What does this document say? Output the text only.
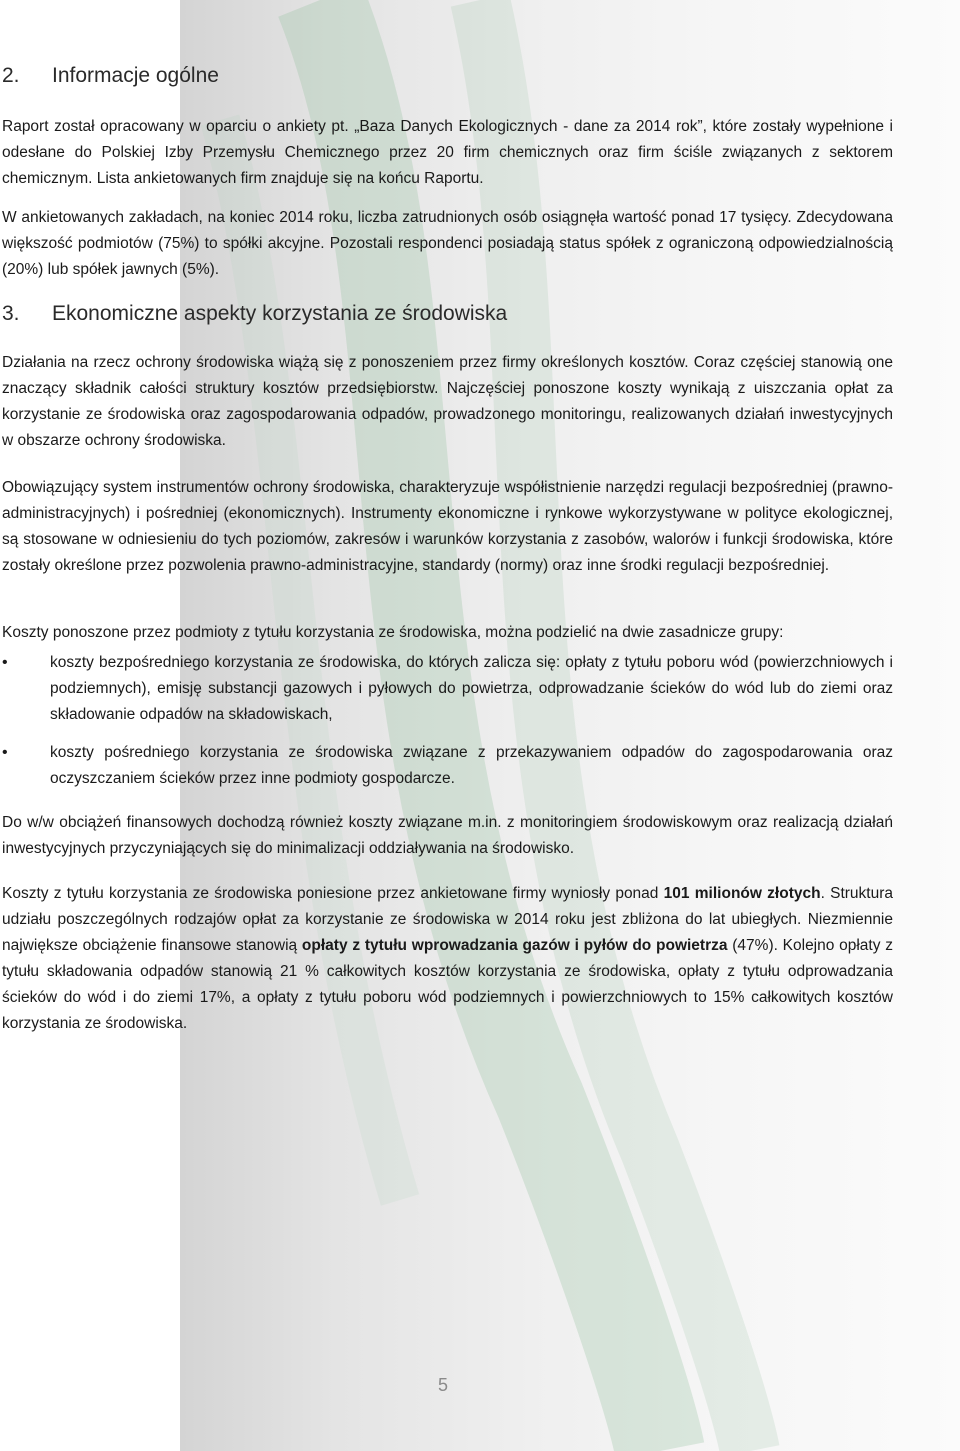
2. Informacje ogólne
Raport został opracowany w oparciu o ankiety pt. „Baza Danych Ekologicznych - dane za 2014 rok”, które zostały wypełnione i odesłane do Polskiej Izby Przemysłu Chemicznego przez 20 firm chemicznych oraz firm ściśle związanych z sektorem chemicznym. Lista ankietowanych firm znajduje się na końcu Raportu.
W ankietowanych zakładach, na koniec 2014 roku, liczba zatrudnionych osób osiągnęła wartość ponad 17 tysięcy. Zdecydowana większość podmiotów (75%) to spółki akcyjne. Pozostali respondenci posiadają status spółek z ograniczoną odpowiedzialnością (20%) lub spółek jawnych (5%).
3. Ekonomiczne aspekty korzystania ze środowiska
Działania na rzecz ochrony środowiska wiążą się z ponoszeniem przez firmy określonych kosztów. Coraz częściej stanowią one znaczący składnik całości struktury kosztów przedsiębiorstw. Najczęściej ponoszone koszty wynikają z uiszczania opłat za korzystanie ze środowiska oraz zagospodarowania odpadów, prowadzonego monitoringu, realizowanych działań inwestycyjnych w obszarze ochrony środowiska.
Obowiązujący system instrumentów ochrony środowiska, charakteryzuje współistnienie narzędzi regulacji bezpośredniej (prawno-administracyjnych) i pośredniej (ekonomicznych). Instrumenty ekonomiczne i rynkowe wykorzystywane w polityce ekologicznej, są stosowane w odniesieniu do tych poziomów, zakresów i warunków korzystania z zasobów, walorów i funkcji środowiska, które zostały określone przez pozwolenia prawno-administracyjne, standardy (normy) oraz inne środki regulacji bezpośredniej.
Koszty ponoszone przez podmioty z tytułu korzystania ze środowiska, można podzielić na dwie zasadnicze grupy:
•	koszty bezpośredniego korzystania ze środowiska, do których zalicza się: opłaty z tytułu poboru wód (powierzchniowych i podziemnych), emisję substancji gazowych i pyłowych do powietrza, odprowadzanie ścieków do wód lub do ziemi oraz składowanie odpadów na składowiskach,
•	koszty pośredniego korzystania ze środowiska związane z przekazywaniem odpadów do zagospodarowania oraz oczyszczaniem ścieków przez inne podmioty gospodarcze.
Do w/w obciążeń finansowych dochodzą również koszty związane m.in. z monitoringiem środowiskowym oraz realizacją działań inwestycyjnych przyczyniających się do minimalizacji oddziaływania na środowisko.
Koszty z tytułu korzystania ze środowiska poniesione przez ankietowane firmy wyniosły ponad 101 milionów złotych. Struktura udziału poszczególnych rodzajów opłat za korzystanie ze środowiska w 2014 roku jest zbliżona do lat ubiegłych. Niezmiennie największe obciążenie finansowe stanowią opłaty z tytułu wprowadzania gazów i pyłów do powietrza (47%). Kolejno opłaty z tytułu składowania odpadów stanowią 21 % całkowitych kosztów korzystania ze środowiska, opłaty z tytułu odprowadzania ścieków do wód i do ziemi 17%, a opłaty z tytułu poboru wód podziemnych i powierzchniowych to 15% całkowitych kosztów korzystania ze środowiska.
5
